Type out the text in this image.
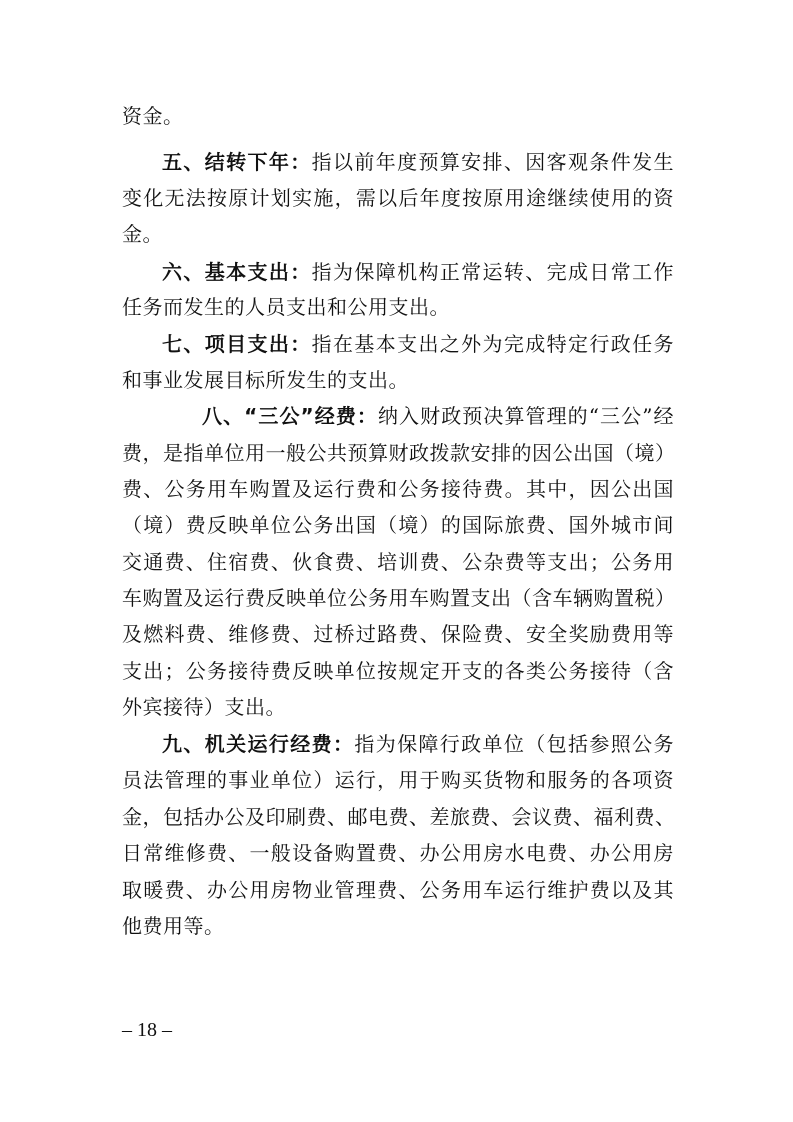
资金。
五、结转下年：指以前年度预算安排、因客观条件发生
变化无法按原计划实施，需以后年度按原用途继续使用的资
金。
六、基本支出：指为保障机构正常运转、完成日常工作
任务而发生的人员支出和公用支出。
七、项目支出：指在基本支出之外为完成特定行政任务
和事业发展目标所发生的支出。
八、“三公”经费：纳入财政预决算管理的“三公”经
费，是指单位用一般公共预算财政拨款安排的因公出国（境）
费、公务用车购置及运行费和公务接待费。其中，因公出国
（境）费反映单位公务出国（境）的国际旅费、国外城市间
交通费、住宿费、伙食费、培训费、公杂费等支出；公务用
车购置及运行费反映单位公务用车购置支出（含车辆购置税）
及燃料费、维修费、过桥过路费、保险费、安全奖励费用等
支出；公务接待费反映单位按规定开支的各类公务接待（含
外宾接待）支出。
九、机关运行经费：指为保障行政单位（包括参照公务
员法管理的事业单位）运行，用于购买货物和服务的各项资
金，包括办公及印刷费、邮电费、差旅费、会议费、福利费、
日常维修费、一般设备购置费、办公用房水电费、办公用房
取暖费、办公用房物业管理费、公务用车运行维护费以及其
他费用等。
– 18 –
